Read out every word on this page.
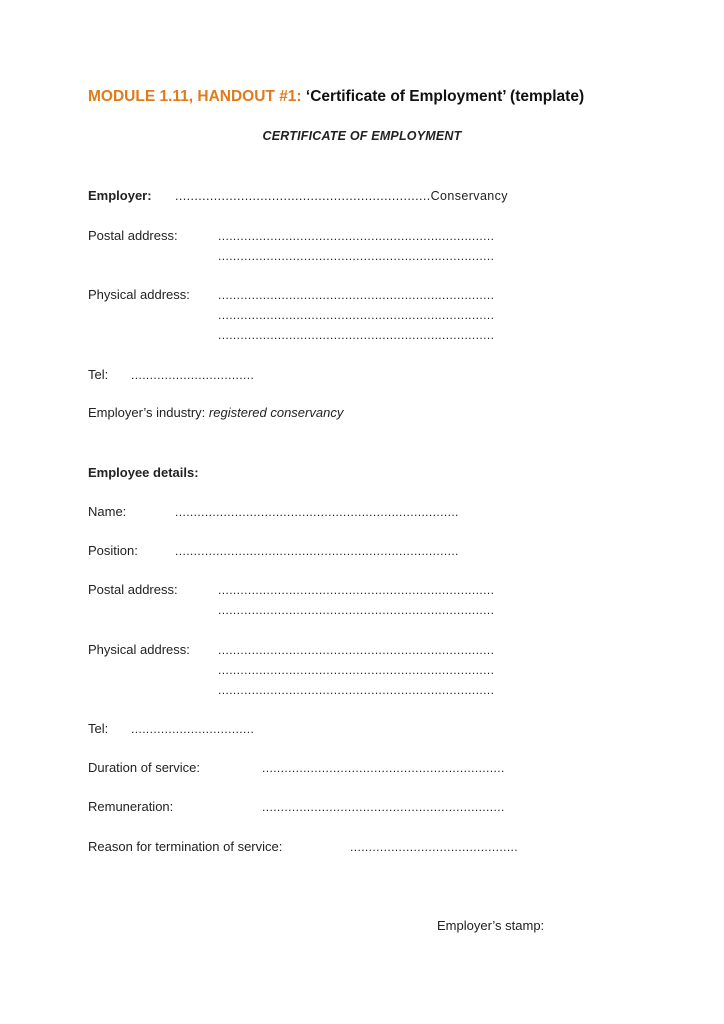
MODULE 1.11, HANDOUT #1: ‘Certificate of Employment’ (template)
CERTIFICATE OF EMPLOYMENT
Employer: ..................................................................Conservancy
Postal address:	..........................................................................
..........................................................................
Physical address: ..........................................................................
..........................................................................
..........................................................................
Tel: .................................
Employer’s industry: registered conservancy
Employee details:
Name:	............................................................................
Position:	............................................................................
Postal address:	..........................................................................
..........................................................................
Physical address: ..........................................................................
..........................................................................
..........................................................................
Tel: .................................
Duration of service:	.................................................................
Remuneration:	.................................................................
Reason for termination of service:	.............................................
Employer’s stamp:
